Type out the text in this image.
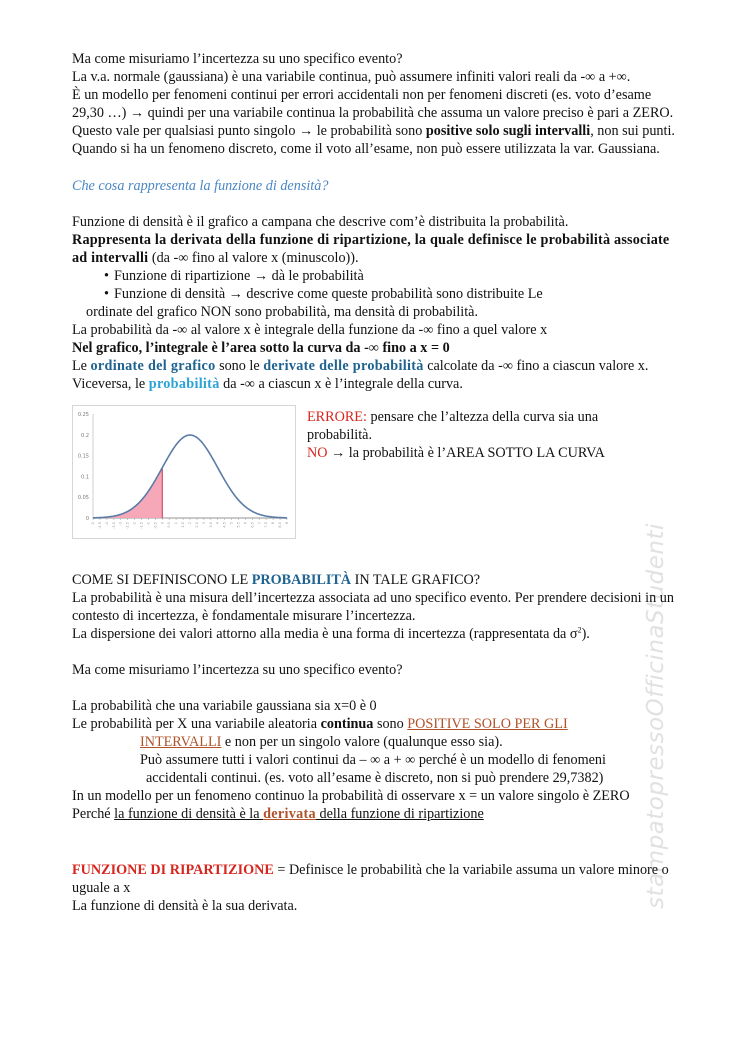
stampatopressoOfficinaStudenti

Ma come misuriamo l’incertezza su uno specifico evento?

La v.a. normale (gaussiana) è una variabile continua, può assumere infiniti valori reali da -∞ a +∞.

È un modello per fenomeni continui per errori accidentali non per fenomeni discreti (es. voto d’esame 29,30 …) → quindi per una variabile continua la probabilità che assuma un valore preciso è pari a ZERO.

Questo vale per qualsiasi punto singolo → le probabilità sono positive solo sugli intervalli, non sui punti.

Quando si ha un fenomeno discreto, come il voto all’esame, non può essere utilizzata la var. Gaussiana.

Che cosa rappresenta la funzione di densità?

Funzione di densità è il grafico a campana che descrive com’è distribuita la probabilità.

Rappresenta la derivata della funzione di ripartizione, la quale definisce le probabilità associate ad intervalli (da -∞ fino al valore x (minuscolo)).

• Funzione di ripartizione → dà le probabilità

• Funzione di densità → descrive come queste probabilità sono distribuite Le

ordinate del grafico NON sono probabilità, ma densità di probabilità.

La probabilità da -∞ al valore x è integrale della funzione da -∞ fino a quel valore x

Nel grafico, l’integrale è l’area sotto la curva da -∞ fino a x = 0

Le ordinate del grafico sono le derivate delle probabilità calcolate da -∞ fino a ciascun valore x.

Viceversa, le probabilità da -∞ a ciascun x è l’integrale della curva.

0
0.05
0.1
0.15
0.2
0.25
-5 -4.5 -4 -3.5 -3 -2.5 -2 -1.5 -1 -0.5 0 0.5 1 1.5 2 2.5 3 3.5 4 4.5 5 5.5 6 6.5 7 7.5 8 8.5 9

ERRORE: pensare che l’altezza della curva sia una probabilità.

NO → la probabilità è l’AREA SOTTO LA CURVA

COME SI DEFINISCONO LE PROBABILITÀ IN TALE GRAFICO?

La probabilità è una misura dell’incertezza associata ad uno specifico evento. Per prendere decisioni in un contesto di incertezza, è fondamentale misurare l’incertezza.

La dispersione dei valori attorno alla media è una forma di incertezza (rappresentata da $\sigma^2$).

Ma come misuriamo l’incertezza su uno specifico evento?

La probabilità che una variabile gaussiana sia x=0 è 0

Le probabilità per X una variabile aleatoria continua sono POSITIVE SOLO PER GLI

INTERVALLI e non per un singolo valore (qualunque esso sia).

Può assumere tutti i valori continui da – ∞ a + ∞ perché è un modello di fenomeni

accidentali continui. (es. voto all’esame è discreto, non si può prendere 29,7382)

In un modello per un fenomeno continuo la probabilità di osservare x = un valore singolo è ZERO

Perché la funzione di densità è la derivata della funzione di ripartizione

FUNZIONE DI RIPARTIZIONE = Definisce le probabilità che la variabile assuma un valore minore o uguale a x

La funzione di densità è la sua derivata.
